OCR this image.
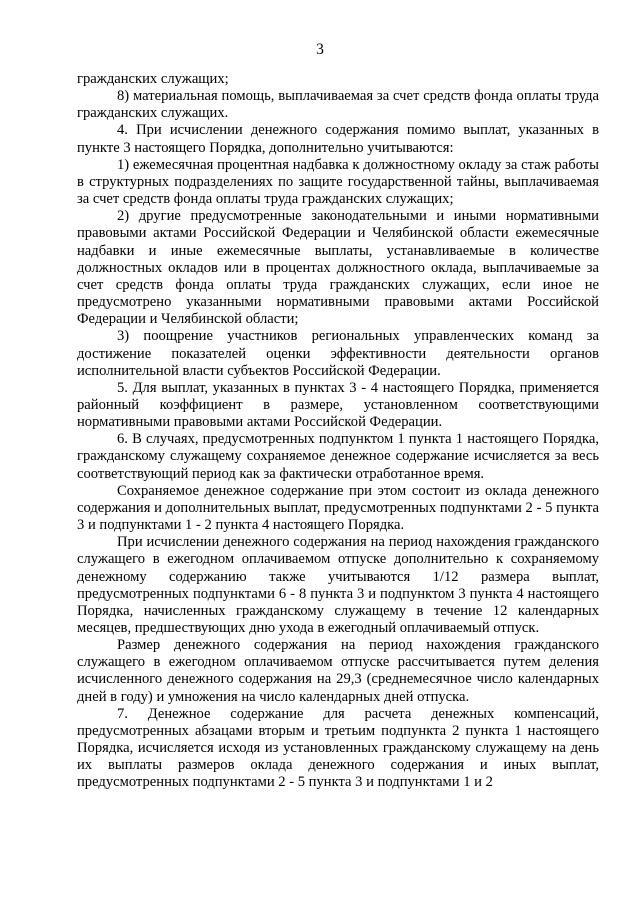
3

гражданских служащих;

8) материальная помощь, выплачиваемая за счет средств фонда оплаты труда гражданских служащих.

4. При исчислении денежного содержания помимо выплат, указанных в пункте 3 настоящего Порядка, дополнительно учитываются:

1) ежемесячная процентная надбавка к должностному окладу за стаж работы в структурных подразделениях по защите государственной тайны, выплачиваемая за счет средств фонда оплаты труда гражданских служащих;

2) другие предусмотренные законодательными и иными нормативными правовыми актами Российской Федерации и Челябинской области ежемесячные надбавки и иные ежемесячные выплаты, устанавливаемые в количестве должностных окладов или в процентах должностного оклада, выплачиваемые за счет средств фонда оплаты труда гражданских служащих, если иное не предусмотрено указанными нормативными правовыми актами Российской Федерации и Челябинской области;

3) поощрение участников региональных управленческих команд за достижение показателей оценки эффективности деятельности органов исполнительной власти субъектов Российской Федерации.

5. Для выплат, указанных в пунктах 3 - 4 настоящего Порядка, применяется районный коэффициент в размере, установленном соответствующими нормативными правовыми актами Российской Федерации.

6. В случаях, предусмотренных подпунктом 1 пункта 1 настоящего Порядка, гражданскому служащему сохраняемое денежное содержание исчисляется за весь соответствующий период как за фактически отработанное время.

Сохраняемое денежное содержание при этом состоит из оклада денежного содержания и дополнительных выплат, предусмотренных подпунктами 2 - 5 пункта 3 и подпунктами 1 - 2 пункта 4 настоящего Порядка.

При исчислении денежного содержания на период нахождения гражданского служащего в ежегодном оплачиваемом отпуске дополнительно к сохраняемому денежному содержанию также учитываются 1/12 размера выплат, предусмотренных подпунктами 6 - 8 пункта 3 и подпунктом 3 пункта 4 настоящего Порядка, начисленных гражданскому служащему в течение 12 календарных месяцев, предшествующих дню ухода в ежегодный оплачиваемый отпуск.

Размер денежного содержания на период нахождения гражданского служащего в ежегодном оплачиваемом отпуске рассчитывается путем деления исчисленного денежного содержания на 29,3 (среднемесячное число календарных дней в году) и умножения на число календарных дней отпуска.

7. Денежное содержание для расчета денежных компенсаций, предусмотренных абзацами вторым и третьим подпункта 2 пункта 1 настоящего Порядка, исчисляется исходя из установленных гражданскому служащему на день их выплаты размеров оклада денежного содержания и иных выплат, предусмотренных подпунктами 2 - 5 пункта 3 и подпунктами 1 и 2
